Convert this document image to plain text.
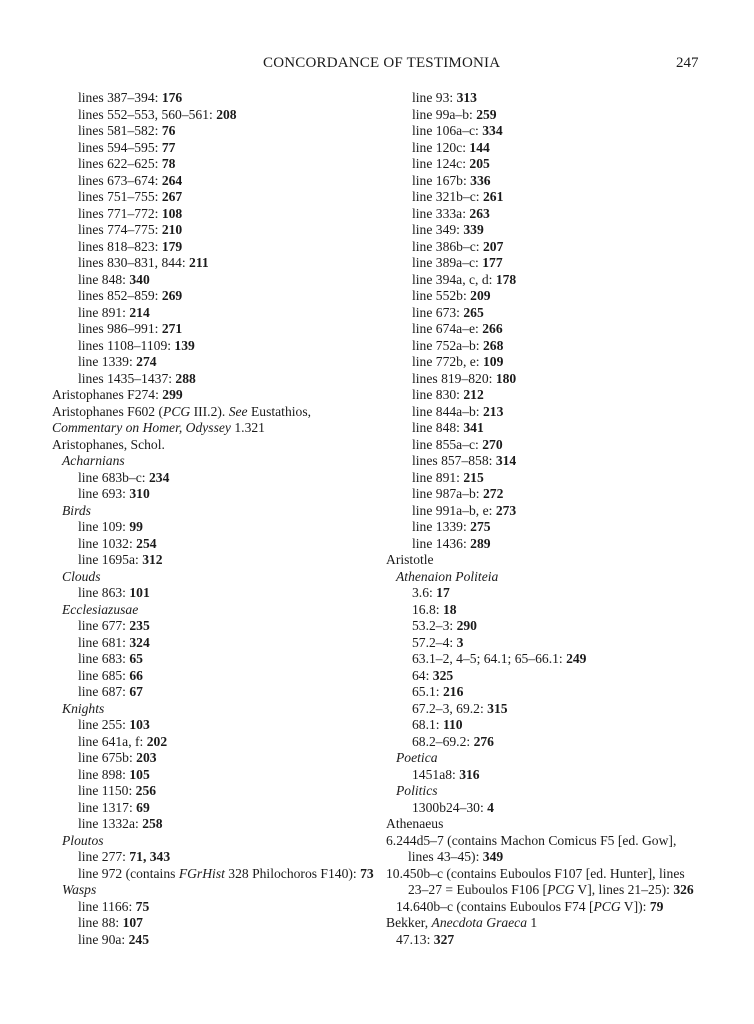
CONCORDANCE OF TESTIMONIA	247
lines 387–394: 176
lines 552–553, 560–561: 208
lines 581–582: 76
lines 594–595: 77
lines 622–625: 78
lines 673–674: 264
lines 751–755: 267
lines 771–772: 108
lines 774–775: 210
lines 818–823: 179
lines 830–831, 844: 211
line 848: 340
lines 852–859: 269
line 891: 214
lines 986–991: 271
lines 1108–1109: 139
line 1339: 274
lines 1435–1437: 288
Aristophanes F274: 299
Aristophanes F602 (PCG III.2). See Eustathios, Commentary on Homer, Odyssey 1.321
Aristophanes, Schol.
Acharnians
line 683b–c: 234
line 693: 310
Birds
line 109: 99
line 1032: 254
line 1695a: 312
Clouds
line 863: 101
Ecclesiazusae
line 677: 235
line 681: 324
line 683: 65
line 685: 66
line 687: 67
Knights
line 255: 103
line 641a, f: 202
line 675b: 203
line 898: 105
line 1150: 256
line 1317: 69
line 1332a: 258
Ploutos
line 277: 71, 343
line 972 (contains FGrHist 328 Philochoros F140): 73
Wasps
line 1166: 75
line 88: 107
line 90a: 245
line 93: 313
line 99a–b: 259
line 106a–c: 334
line 120c: 144
line 124c: 205
line 167b: 336
line 321b–c: 261
line 333a: 263
line 349: 339
line 386b–c: 207
line 389a–c: 177
line 394a, c, d: 178
line 552b: 209
line 673: 265
line 674a–e: 266
line 752a–b: 268
line 772b, e: 109
lines 819–820: 180
line 830: 212
line 844a–b: 213
line 848: 341
line 855a–c: 270
lines 857–858: 314
line 891: 215
line 987a–b: 272
line 991a–b, e: 273
line 1339: 275
line 1436: 289
Aristotle
Athenaion Politeia
3.6: 17
16.8: 18
53.2–3: 290
57.2–4: 3
63.1–2, 4–5; 64.1; 65–66.1: 249
64: 325
65.1: 216
67.2–3, 69.2: 315
68.1: 110
68.2–69.2: 276
Poetica
1451a8: 316
Politics
1300b24–30: 4
Athenaeus
6.244d5–7 (contains Machon Comicus F5 [ed. Gow], lines 43–45): 349
10.450b–c (contains Euboulos F107 [ed. Hunter], lines 23–27 = Euboulos F106 [PCG V], lines 21–25): 326
14.640b–c (contains Euboulos F74 [PCG V]): 79
Bekker, Anecdota Graeca 1
47.13: 327
